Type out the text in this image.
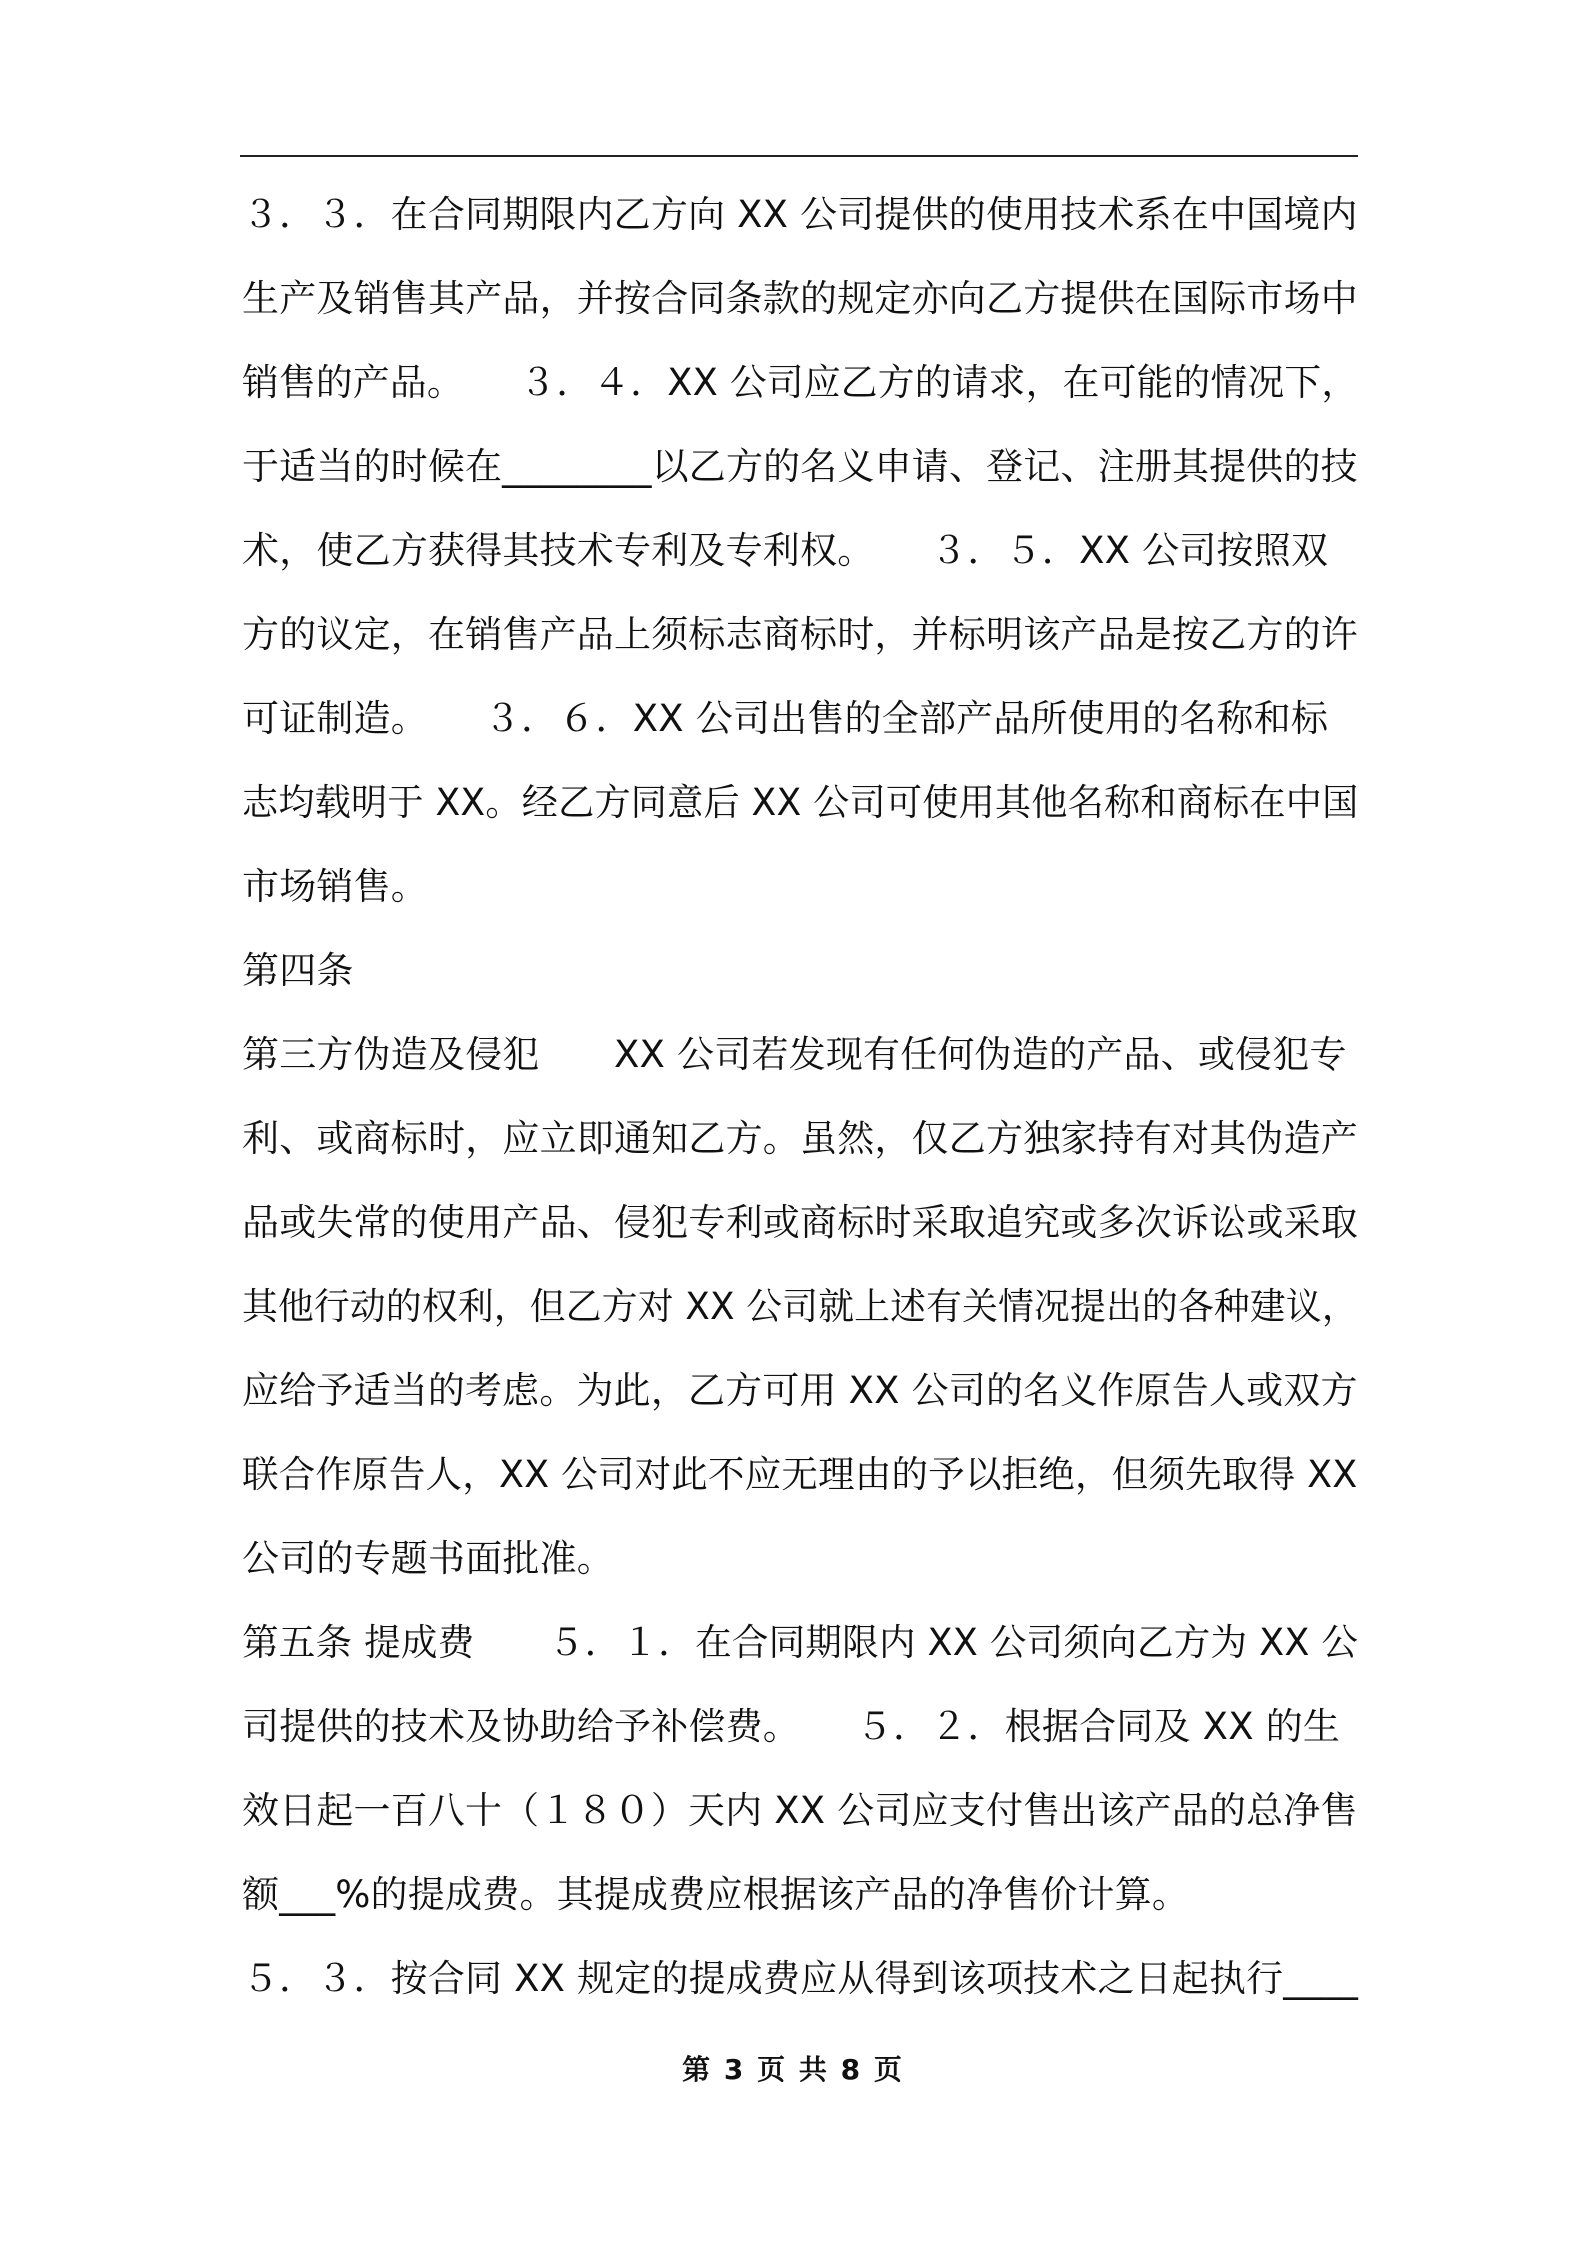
３．３．在合同期限内乙方向 XX 公司提供的使用技术系在中国境内
生产及销售其产品，并按合同条款的规定亦向乙方提供在国际市场中
销售的产品。　　３．４．XX 公司应乙方的请求，在可能的情况下，
于适当的时候在________以乙方的名义申请、登记、注册其提供的技
术，使乙方获得其技术专利及专利权。　　３．５．XX 公司按照双
方的议定，在销售产品上须标志商标时，并标明该产品是按乙方的许
可证制造。　　３．６．XX 公司出售的全部产品所使用的名称和标
志均载明于 XX。经乙方同意后 XX 公司可使用其他名称和商标在中国
市场销售。
第四条
第三方伪造及侵犯　　XX 公司若发现有任何伪造的产品、或侵犯专
利、或商标时，应立即通知乙方。虽然，仅乙方独家持有对其伪造产
品或失常的使用产品、侵犯专利或商标时采取追究或多次诉讼或采取
其他行动的权利，但乙方对 XX 公司就上述有关情况提出的各种建议，
应给予适当的考虑。为此，乙方可用 XX 公司的名义作原告人或双方
联合作原告人，XX 公司对此不应无理由的予以拒绝，但须先取得 XX
公司的专题书面批准。
第五条 提成费　　５．１．在合同期限内 XX 公司须向乙方为 XX 公
司提供的技术及协助给予补偿费。　　５．２．根据合同及 XX 的生
效日起一百八十（１８０）天内 XX 公司应支付售出该产品的总净售
额___%的提成费。其提成费应根据该产品的净售价计算。
５．３．按合同 XX 规定的提成费应从得到该项技术之日起执行____
第 3 页 共 8 页
